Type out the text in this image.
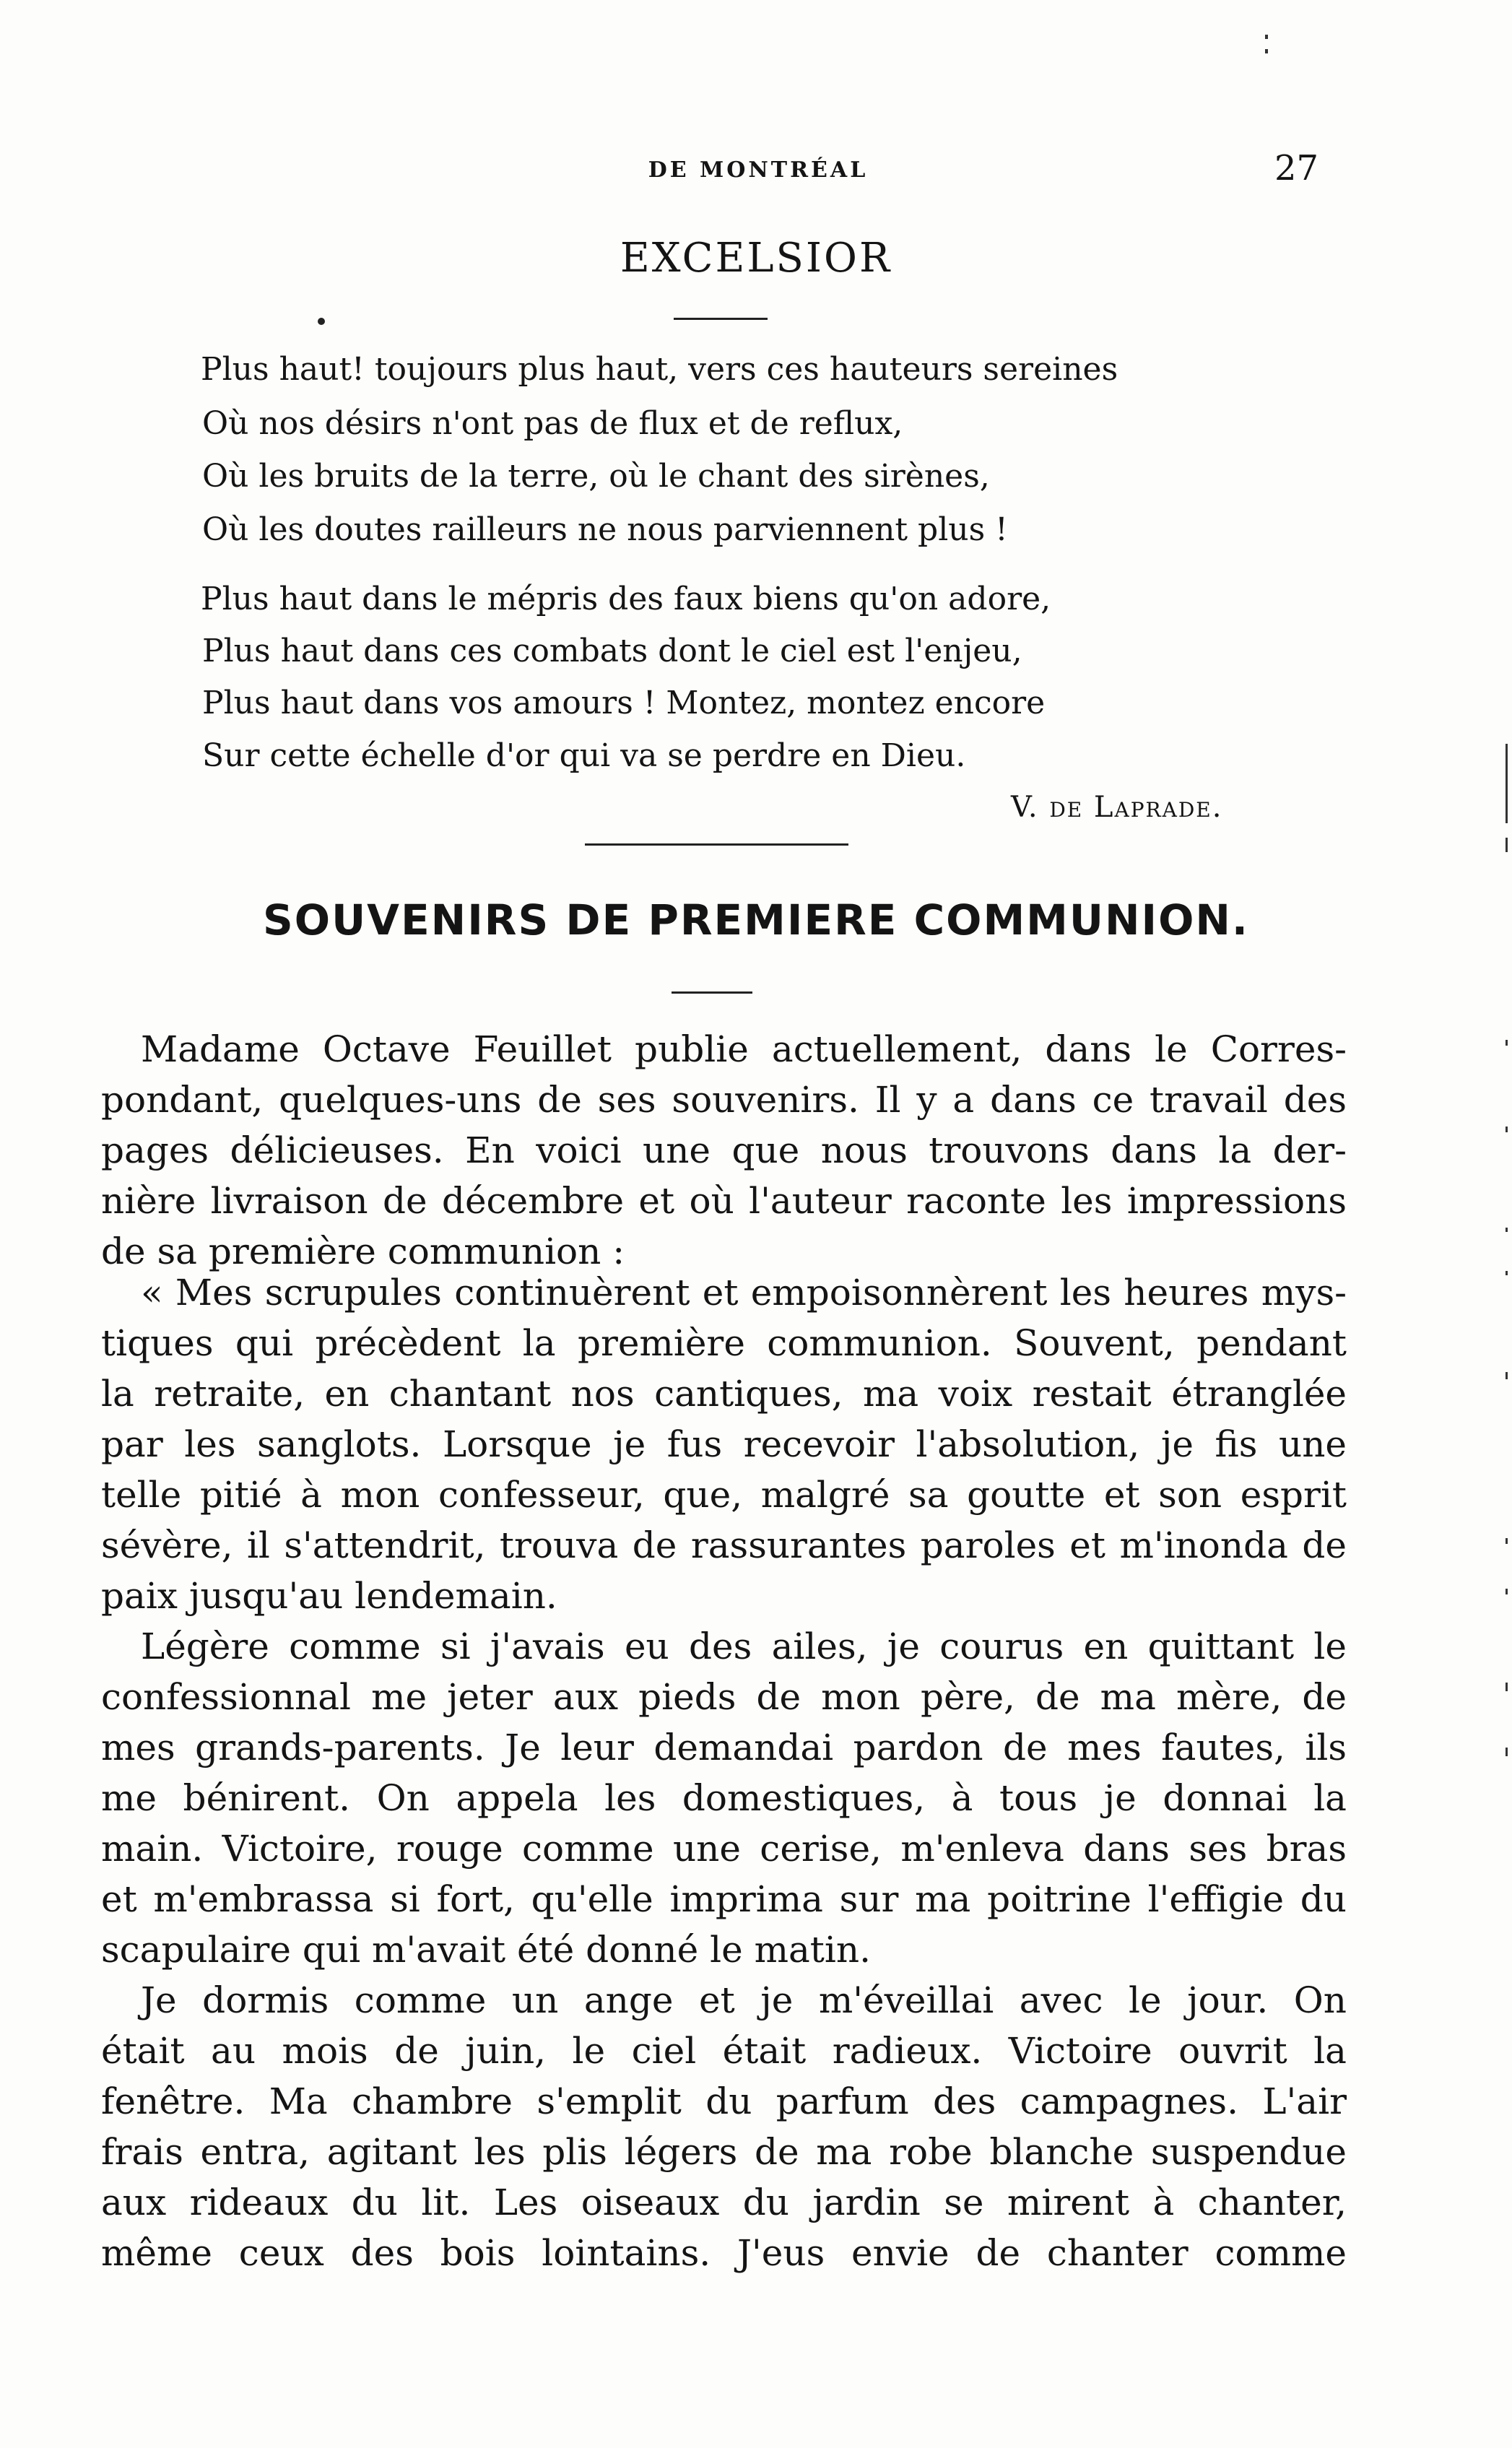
DE MONTRÉAL	27
EXCELSIOR
Plus haut! toujours plus haut, vers ces hauteurs sereines
Où nos désirs n'ont pas de flux et de reflux,
Où les bruits de la terre, où le chant des sirènes,
Où les doutes railleurs ne nous parviennent plus !
Plus haut dans le mépris des faux biens qu'on adore,
Plus haut dans ces combats dont le ciel est l'enjeu,
Plus haut dans vos amours ! Montez, montez encore
Sur cette échelle d'or qui va se perdre en Dieu.
V. de Laprade.
SOUVENIRS DE PREMIERE COMMUNION.
Madame Octave Feuillet publie actuellement, dans le Corres-
pondant, quelques-uns de ses souvenirs. Il y a dans ce travail des
pages délicieuses. En voici une que nous trouvons dans la der-
nière livraison de décembre et où l'auteur raconte les impressions
de sa première communion :
« Mes scrupules continuèrent et empoisonnèrent les heures mys-
tiques qui précèdent la première communion. Souvent, pendant
la retraite, en chantant nos cantiques, ma voix restait étranglée
par les sanglots. Lorsque je fus recevoir l'absolution, je fis une
telle pitié à mon confesseur, que, malgré sa goutte et son esprit
sévère, il s'attendrit, trouva de rassurantes paroles et m'inonda de
paix jusqu'au lendemain.
Légère comme si j'avais eu des ailes, je courus en quittant le
confessionnal me jeter aux pieds de mon père, de ma mère, de
mes grands-parents. Je leur demandai pardon de mes fautes, ils
me bénirent. On appela les domestiques, à tous je donnai la
main. Victoire, rouge comme une cerise, m'enleva dans ses bras
et m'embrassa si fort, qu'elle imprima sur ma poitrine l'effigie du
scapulaire qui m'avait été donné le matin.
Je dormis comme un ange et je m'éveillai avec le jour. On
était au mois de juin, le ciel était radieux. Victoire ouvrit la
fenêtre. Ma chambre s'emplit du parfum des campagnes. L'air
frais entra, agitant les plis légers de ma robe blanche suspendue
aux rideaux du lit. Les oiseaux du jardin se mirent à chanter,
même ceux des bois lointains. J'eus envie de chanter comme
